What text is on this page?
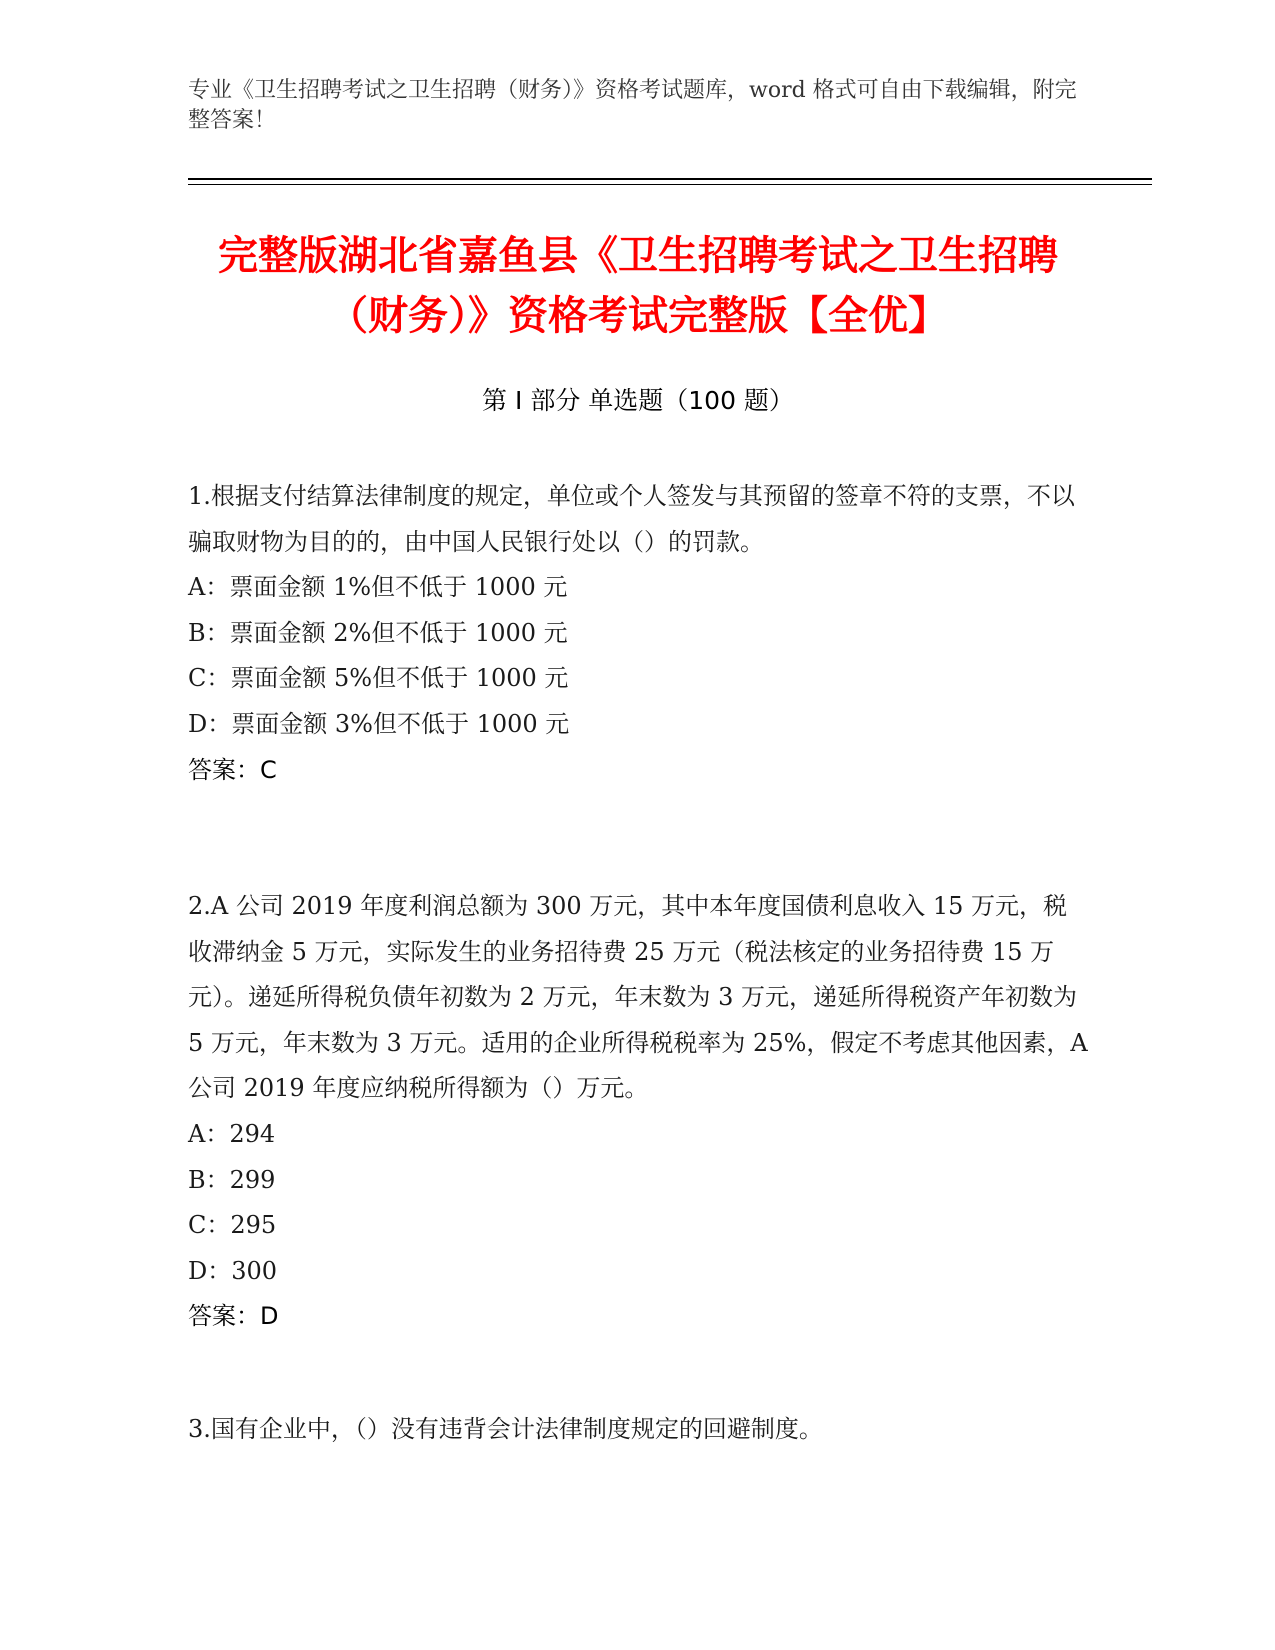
专业《卫生招聘考试之卫生招聘（财务）》资格考试题库，word 格式可自由下载编辑，附完整答案！
完整版湖北省嘉鱼县《卫生招聘考试之卫生招聘（财务）》资格考试完整版【全优】
第 I 部分 单选题（100 题）

1.根据支付结算法律制度的规定，单位或个人签发与其预留的签章不符的支票，不以骗取财物为目的的，由中国人民银行处以（）的罚款。

A：票面金额 1%但不低于 1000 元

B：票面金额 2%但不低于 1000 元

C：票面金额 5%但不低于 1000 元

D：票面金额 3%但不低于 1000 元

答案：C

2.A 公司 2019 年度利润总额为 300 万元，其中本年度国债利息收入 15 万元，税收滞纳金 5 万元，实际发生的业务招待费 25 万元（税法核定的业务招待费 15 万元）。递延所得税负债年初数为 2 万元，年末数为 3 万元，递延所得税资产年初数为 5 万元，年末数为 3 万元。适用的企业所得税税率为 25%，假定不考虑其他因素，A 公司 2019 年度应纳税所得额为（）万元。

A：294

B：299

C：295

D：300

答案：D

3.国有企业中，（）没有违背会计法律制度规定的回避制度。
